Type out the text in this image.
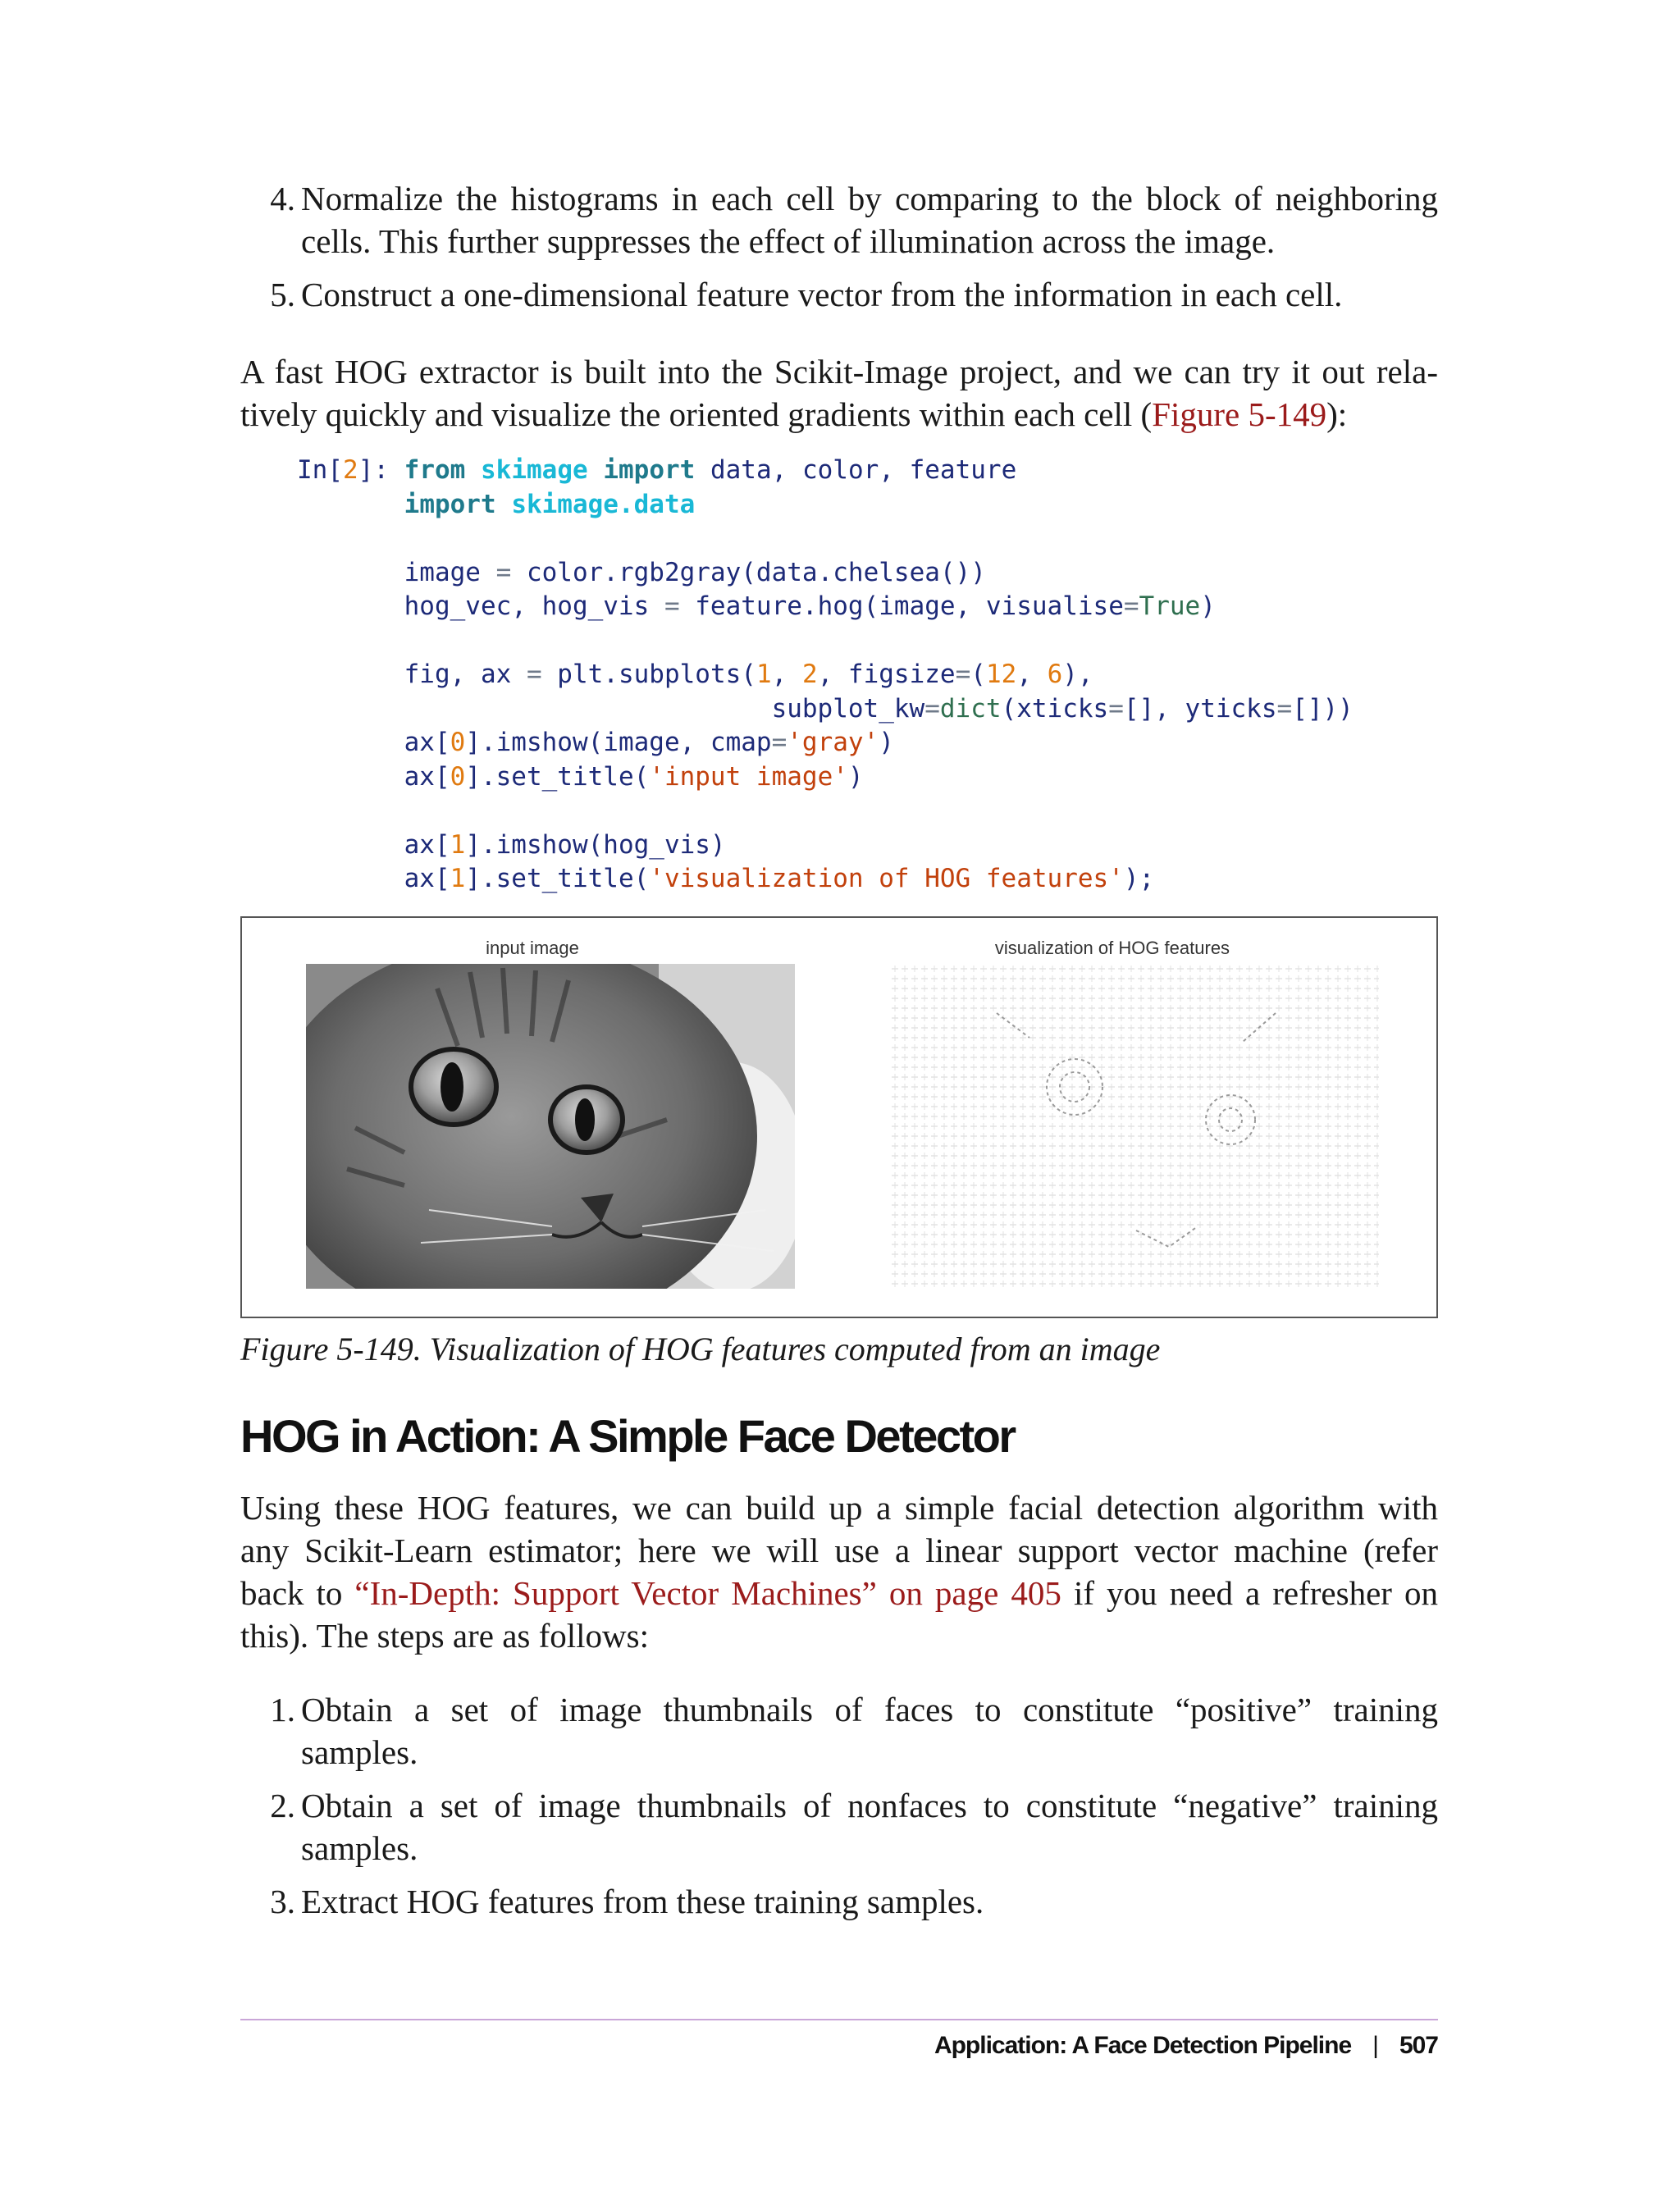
4. Normalize the histograms in each cell by comparing to the block of neighboring
cells. This further suppresses the effect of illumination across the image.
5. Construct a one-dimensional feature vector from the information in each cell.
A fast HOG extractor is built into the Scikit-Image project, and we can try it out rela-
tively quickly and visualize the oriented gradients within each cell (Figure 5-149):
In[2]: from skimage import data, color, feature
import skimage.data

image = color.rgb2gray(data.chelsea())
hog_vec, hog_vis = feature.hog(image, visualise=True)

fig, ax = plt.subplots(1, 2, figsize=(12, 6),
subplot_kw=dict(xticks=[], yticks=[]))
ax[0].imshow(image, cmap='gray')
ax[0].set_title('input image')

ax[1].imshow(hog_vis)
ax[1].set_title('visualization of HOG features');
input image	visualization of HOG features
Figure 5-149. Visualization of HOG features computed from an image
HOG in Action: A Simple Face Detector
Using these HOG features, we can build up a simple facial detection algorithm with
any Scikit-Learn estimator; here we will use a linear support vector machine (refer
back to “In-Depth: Support Vector Machines” on page 405 if you need a refresher on
this). The steps are as follows:
1. Obtain a set of image thumbnails of faces to constitute “positive” training
samples.
2. Obtain a set of image thumbnails of nonfaces to constitute “negative” training
samples.
3. Extract HOG features from these training samples.
Application: A Face Detection Pipeline | 507
